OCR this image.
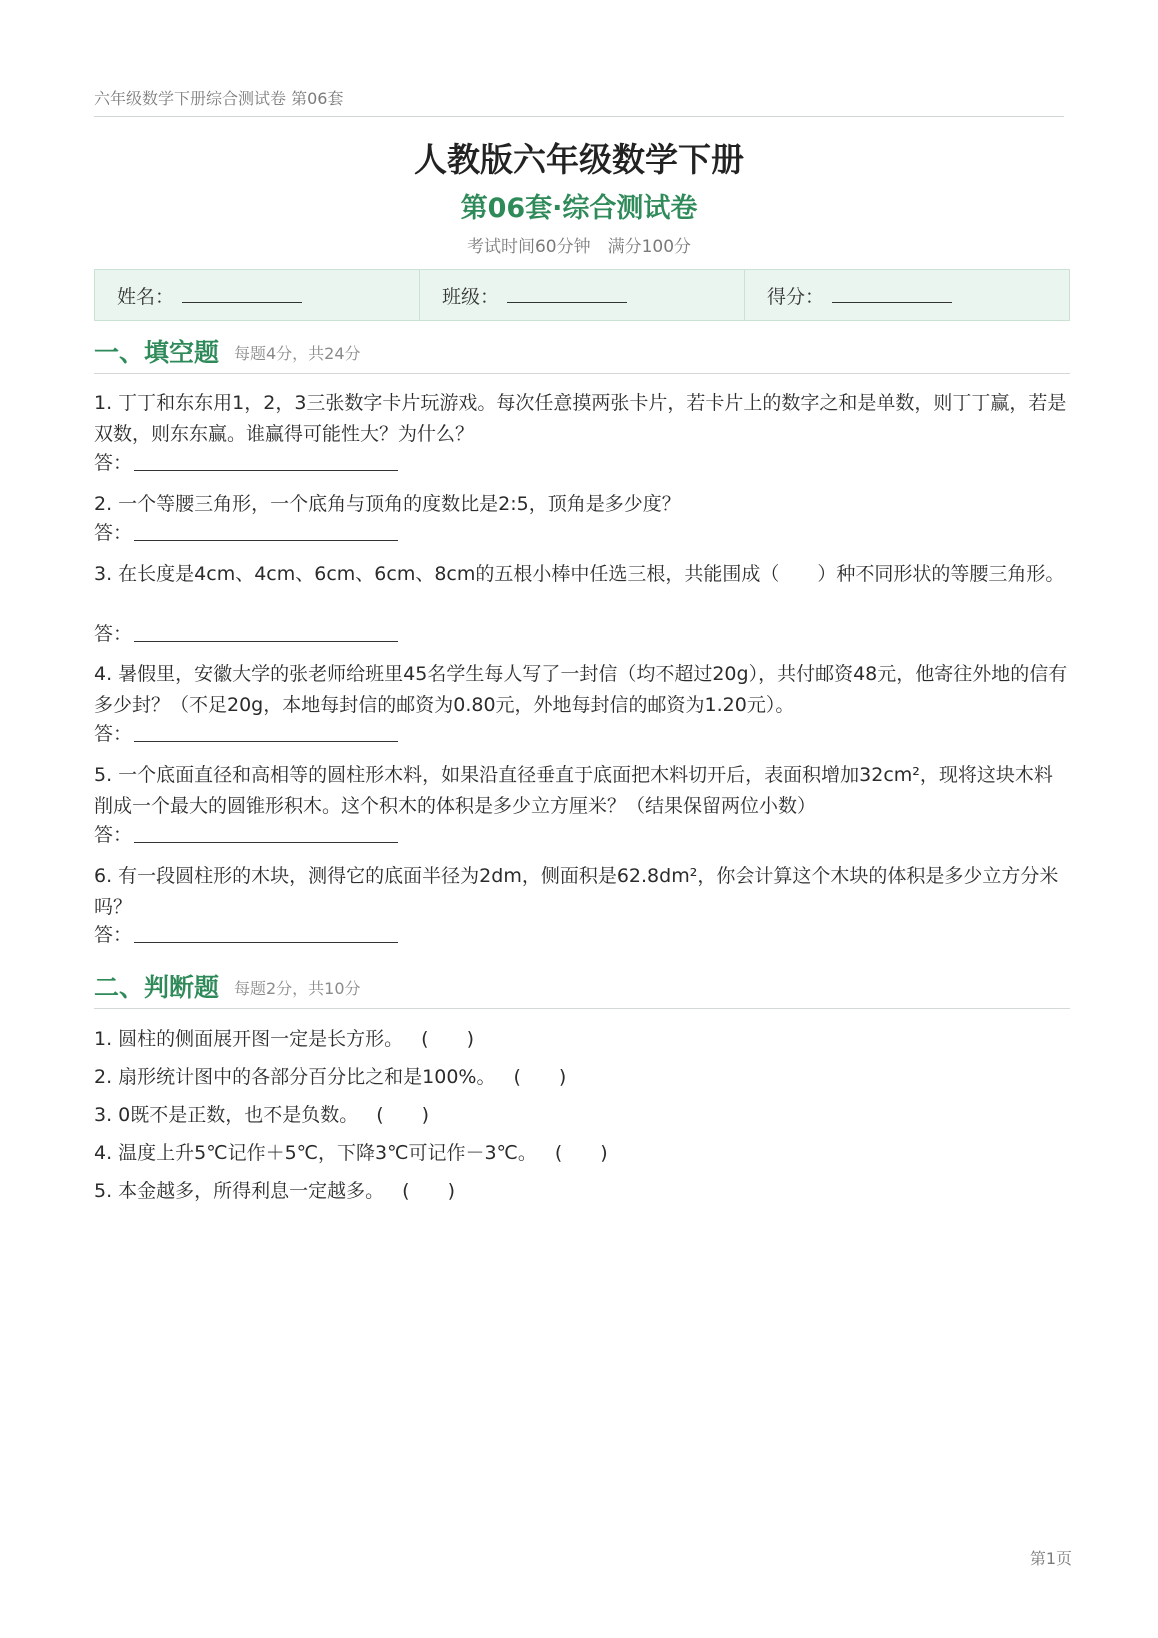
六年级数学下册综合测试卷 第06套
人教版六年级数学下册
第06套·综合测试卷
考试时间60分钟　满分100分
姓名：	班级：	得分：
一、填空题 每题4分，共24分
1. 丁丁和东东用1，2，3三张数字卡片玩游戏。每次任意摸两张卡片，若卡片上的数字之和是单数，则丁丁赢，若是双数，则东东赢。谁赢得可能性大？为什么？
答：
2. 一个等腰三角形，一个底角与顶角的度数比是2:5，顶角是多少度？
答：
3. 在长度是4cm、4cm、6cm、6cm、8cm的五根小棒中任选三根，共能围成（　　）种不同形状的等腰三角形。
答：
4. 暑假里，安徽大学的张老师给班里45名学生每人写了一封信（均不超过20g），共付邮资48元，他寄往外地的信有多少封？（不足20g，本地每封信的邮资为0.80元，外地每封信的邮资为1.20元）。
答：
5. 一个底面直径和高相等的圆柱形木料，如果沿直径垂直于底面把木料切开后，表面积增加32cm²，现将这块木料削成一个最大的圆锥形积木。这个积木的体积是多少立方厘米？（结果保留两位小数）
答：
6. 有一段圆柱形的木块，测得它的底面半径为2dm，侧面积是62.8dm²，你会计算这个木块的体积是多少立方分米吗？
答：
二、判断题 每题2分，共10分
1. 圆柱的侧面展开图一定是长方形。 (　　)
2. 扇形统计图中的各部分百分比之和是100%。 (　　)
3. 0既不是正数，也不是负数。 (　　)
4. 温度上升5℃记作＋5℃，下降3℃可记作－3℃。 (　　)
5. 本金越多，所得利息一定越多。 (　　)
第1页
